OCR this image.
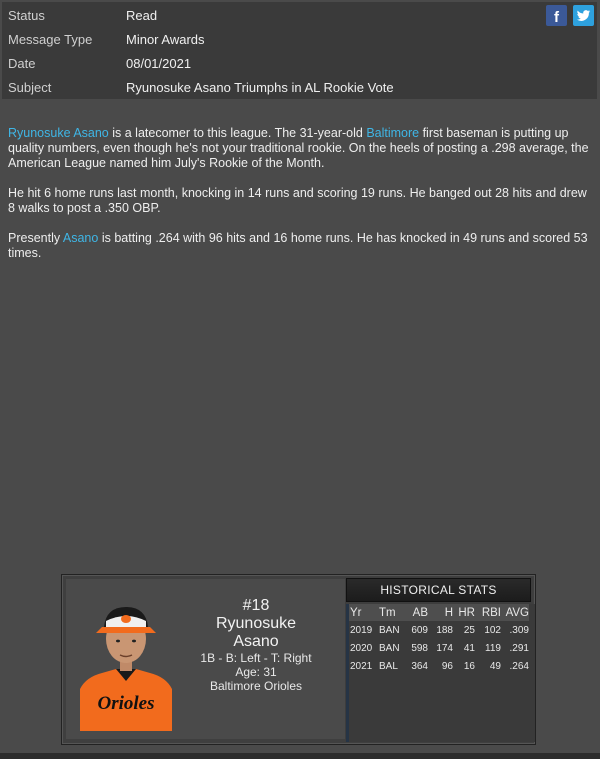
Status	Read
Message Type	Minor Awards
Date	08/01/2021
Subject	Ryunosuke Asano Triumphs in AL Rookie Vote
f

Ryunosuke Asano is a latecomer to this league. The 31-year-old Baltimore first baseman is putting up quality numbers, even though he's not your traditional rookie. On the heels of posting a .298 average, the American League named him July's Rookie of the Month.

He hit 6 home runs last month, knocking in 14 runs and scoring 19 runs. He banged out 28 hits and drew 8 walks to post a .350 OBP.

Presently Asano is batting .264 with 96 hits and 16 home runs. He has knocked in 49 runs and scored 53 times.

Orioles
#18
Ryunosuke
Asano
1B - B: Left - T: Right
Age: 31
Baltimore Orioles
HISTORICAL STATS
Yr	Tm	AB	H	HR	RBI	AVG
2019	BAN	609	188	25	102	.309
2020	BAN	598	174	41	119	.291
2021	BAL	364	96	16	49	.264
